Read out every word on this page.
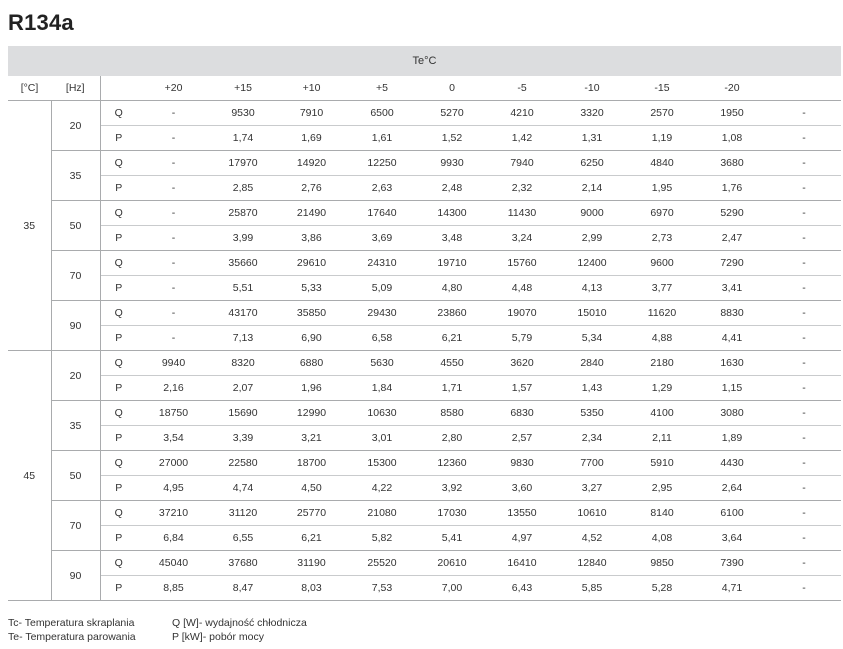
R134a
Te°C												
[°C]	[Hz]		+20	+15	+10	+5	0	-5	-10	-15	-20	
35	20	Q	-	9530	7910	6500	5270	4210	3320	2570	1950	-
		P	-	1,74	1,69	1,61	1,52	1,42	1,31	1,19	1,08	-
	35	Q	-	17970	14920	12250	9930	7940	6250	4840	3680	-
		P	-	2,85	2,76	2,63	2,48	2,32	2,14	1,95	1,76	-
	50	Q	-	25870	21490	17640	14300	11430	9000	6970	5290	-
		P	-	3,99	3,86	3,69	3,48	3,24	2,99	2,73	2,47	-
	70	Q	-	35660	29610	24310	19710	15760	12400	9600	7290	-
		P	-	5,51	5,33	5,09	4,80	4,48	4,13	3,77	3,41	-
	90	Q	-	43170	35850	29430	23860	19070	15010	11620	8830	-
		P	-	7,13	6,90	6,58	6,21	5,79	5,34	4,88	4,41	-
45	20	Q	9940	8320	6880	5630	4550	3620	2840	2180	1630	-
		P	2,16	2,07	1,96	1,84	1,71	1,57	1,43	1,29	1,15	-
	35	Q	18750	15690	12990	10630	8580	6830	5350	4100	3080	-
		P	3,54	3,39	3,21	3,01	2,80	2,57	2,34	2,11	1,89	-
	50	Q	27000	22580	18700	15300	12360	9830	7700	5910	4430	-
		P	4,95	4,74	4,50	4,22	3,92	3,60	3,27	2,95	2,64	-
	70	Q	37210	31120	25770	21080	17030	13550	10610	8140	6100	-
		P	6,84	6,55	6,21	5,82	5,41	4,97	4,52	4,08	3,64	-
	90	Q	45040	37680	31190	25520	20610	16410	12840	9850	7390	-
		P	8,85	8,47	8,03	7,53	7,00	6,43	5,85	5,28	4,71	-
Tc- Temperatura skraplania
Te- Temperatura parowania
Q [W]- wydajność chłodnicza
P [kW]- pobór mocy
